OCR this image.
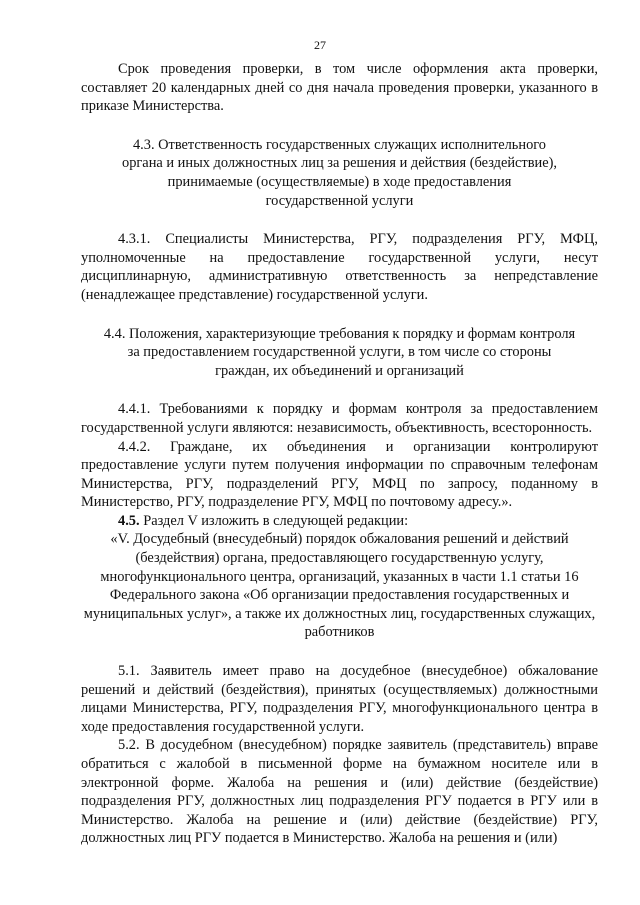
27

Срок проведения проверки, в том числе оформления акта проверки, составляет 20 календарных дней со дня начала проведения проверки, указанного в приказе Министерства.

4.3. Ответственность государственных служащих исполнительного органа и иных должностных лиц за решения и действия (бездействие), принимаемые (осуществляемые) в ходе предоставления государственной услуги

4.3.1. Специалисты Министерства, РГУ, подразделения РГУ, МФЦ, уполномоченные на предоставление государственной услуги, несут дисциплинарную, административную ответственность за непредставление (ненадлежащее представление) государственной услуги.

4.4. Положения, характеризующие требования к порядку и формам контроля за предоставлением государственной услуги, в том числе со стороны граждан, их объединений и организаций

4.4.1. Требованиями к порядку и формам контроля за предоставлением государственной услуги являются: независимость, объективность, всесторонность.

4.4.2. Граждане, их объединения и организации контролируют предоставление услуги путем получения информации по справочным телефонам Министерства, РГУ, подразделений РГУ, МФЦ по запросу, поданному в Министерство, РГУ, подразделение РГУ, МФЦ по почтовому адресу.».

4.5. Раздел V изложить в следующей редакции:

«V. Досудебный (внесудебный) порядок обжалования решений и действий (бездействия) органа, предоставляющего государственную услугу, многофункционального центра, организаций, указанных в части 1.1 статьи 16 Федерального закона «Об организации предоставления государственных и муниципальных услуг», а также их должностных лиц, государственных служащих, работников

5.1. Заявитель имеет право на досудебное (внесудебное) обжалование решений и действий (бездействия), принятых (осуществляемых) должностными лицами Министерства, РГУ, подразделения РГУ, многофункционального центра в ходе предоставления государственной услуги.

5.2. В досудебном (внесудебном) порядке заявитель (представитель) вправе обратиться с жалобой в письменной форме на бумажном носителе или в электронной форме. Жалоба на решения и (или) действие (бездействие) подразделения РГУ, должностных лиц подразделения РГУ подается в РГУ или в Министерство. Жалоба на решение и (или) действие (бездействие) РГУ, должностных лиц РГУ подается в Министерство. Жалоба на решения и (или)
